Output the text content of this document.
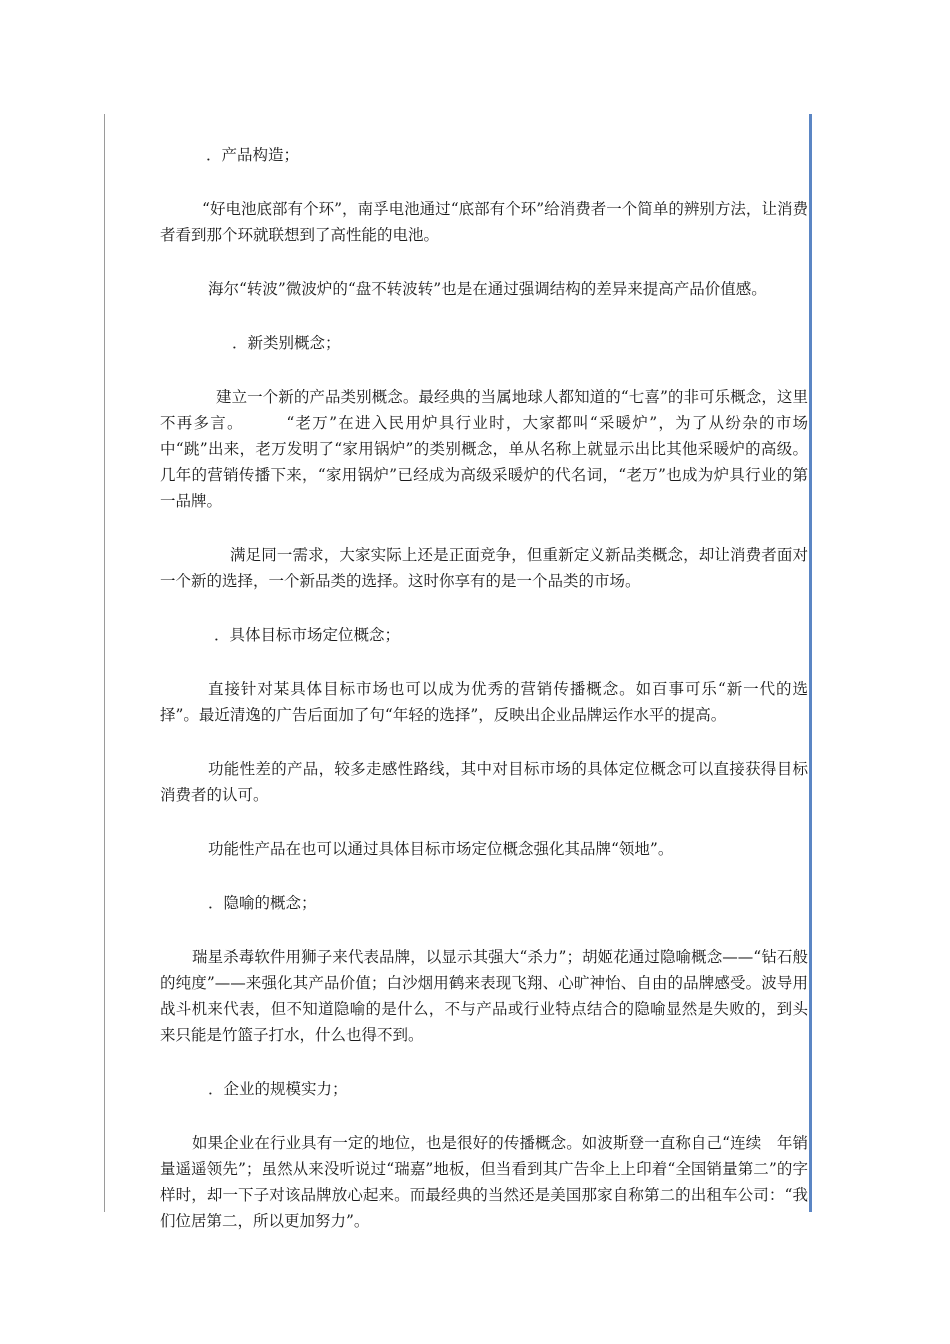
．产品构造；

“好电池底部有个环”，南孚电池通过“底部有个环”给消费者一个简单的辨别方法，让消费者看到那个环就联想到了高性能的电池。

海尔“转波”微波炉的“盘不转波转”也是在通过强调结构的差异来提高产品价值感。

．新类别概念；

建立一个新的产品类别概念。最经典的当属地球人都知道的“七喜”的非可乐概念，这里不再多言。　　　“老万”在进入民用炉具行业时，大家都叫“采暖炉”，为了从纷杂的市场中“跳”出来，老万发明了“家用锅炉”的类别概念，单从名称上就显示出比其他采暖炉的高级。几年的营销传播下来，“家用锅炉”已经成为高级采暖炉的代名词，“老万”也成为炉具行业的第一品牌。

满足同一需求，大家实际上还是正面竞争，但重新定义新品类概念，却让消费者面对一个新的选择，一个新品类的选择。这时你享有的是一个品类的市场。

．具体目标市场定位概念；

直接针对某具体目标市场也可以成为优秀的营销传播概念。如百事可乐“新一代的选择”。最近清逸的广告后面加了句“年轻的选择”，反映出企业品牌运作水平的提高。

功能性差的产品，较多走感性路线，其中对目标市场的具体定位概念可以直接获得目标消费者的认可。

功能性产品在也可以通过具体目标市场定位概念强化其品牌“领地”。

．隐喻的概念；

瑞星杀毒软件用狮子来代表品牌，以显示其强大“杀力”；胡姬花通过隐喻概念——“钻石般的纯度”——来强化其产品价值；白沙烟用鹤来表现飞翔、心旷神怡、自由的品牌感受。波导用战斗机来代表，但不知道隐喻的是什么，不与产品或行业特点结合的隐喻显然是失败的，到头来只能是竹篮子打水，什么也得不到。

．企业的规模实力；

如果企业在行业具有一定的地位，也是很好的传播概念。如波斯登一直称自己“连续　年销量遥遥领先”；虽然从来没听说过“瑞嘉”地板，但当看到其广告伞上上印着“全国销量第二”的字样时，却一下子对该品牌放心起来。而最经典的当然还是美国那家自称第二的出租车公司：“我们位居第二，所以更加努力”。
